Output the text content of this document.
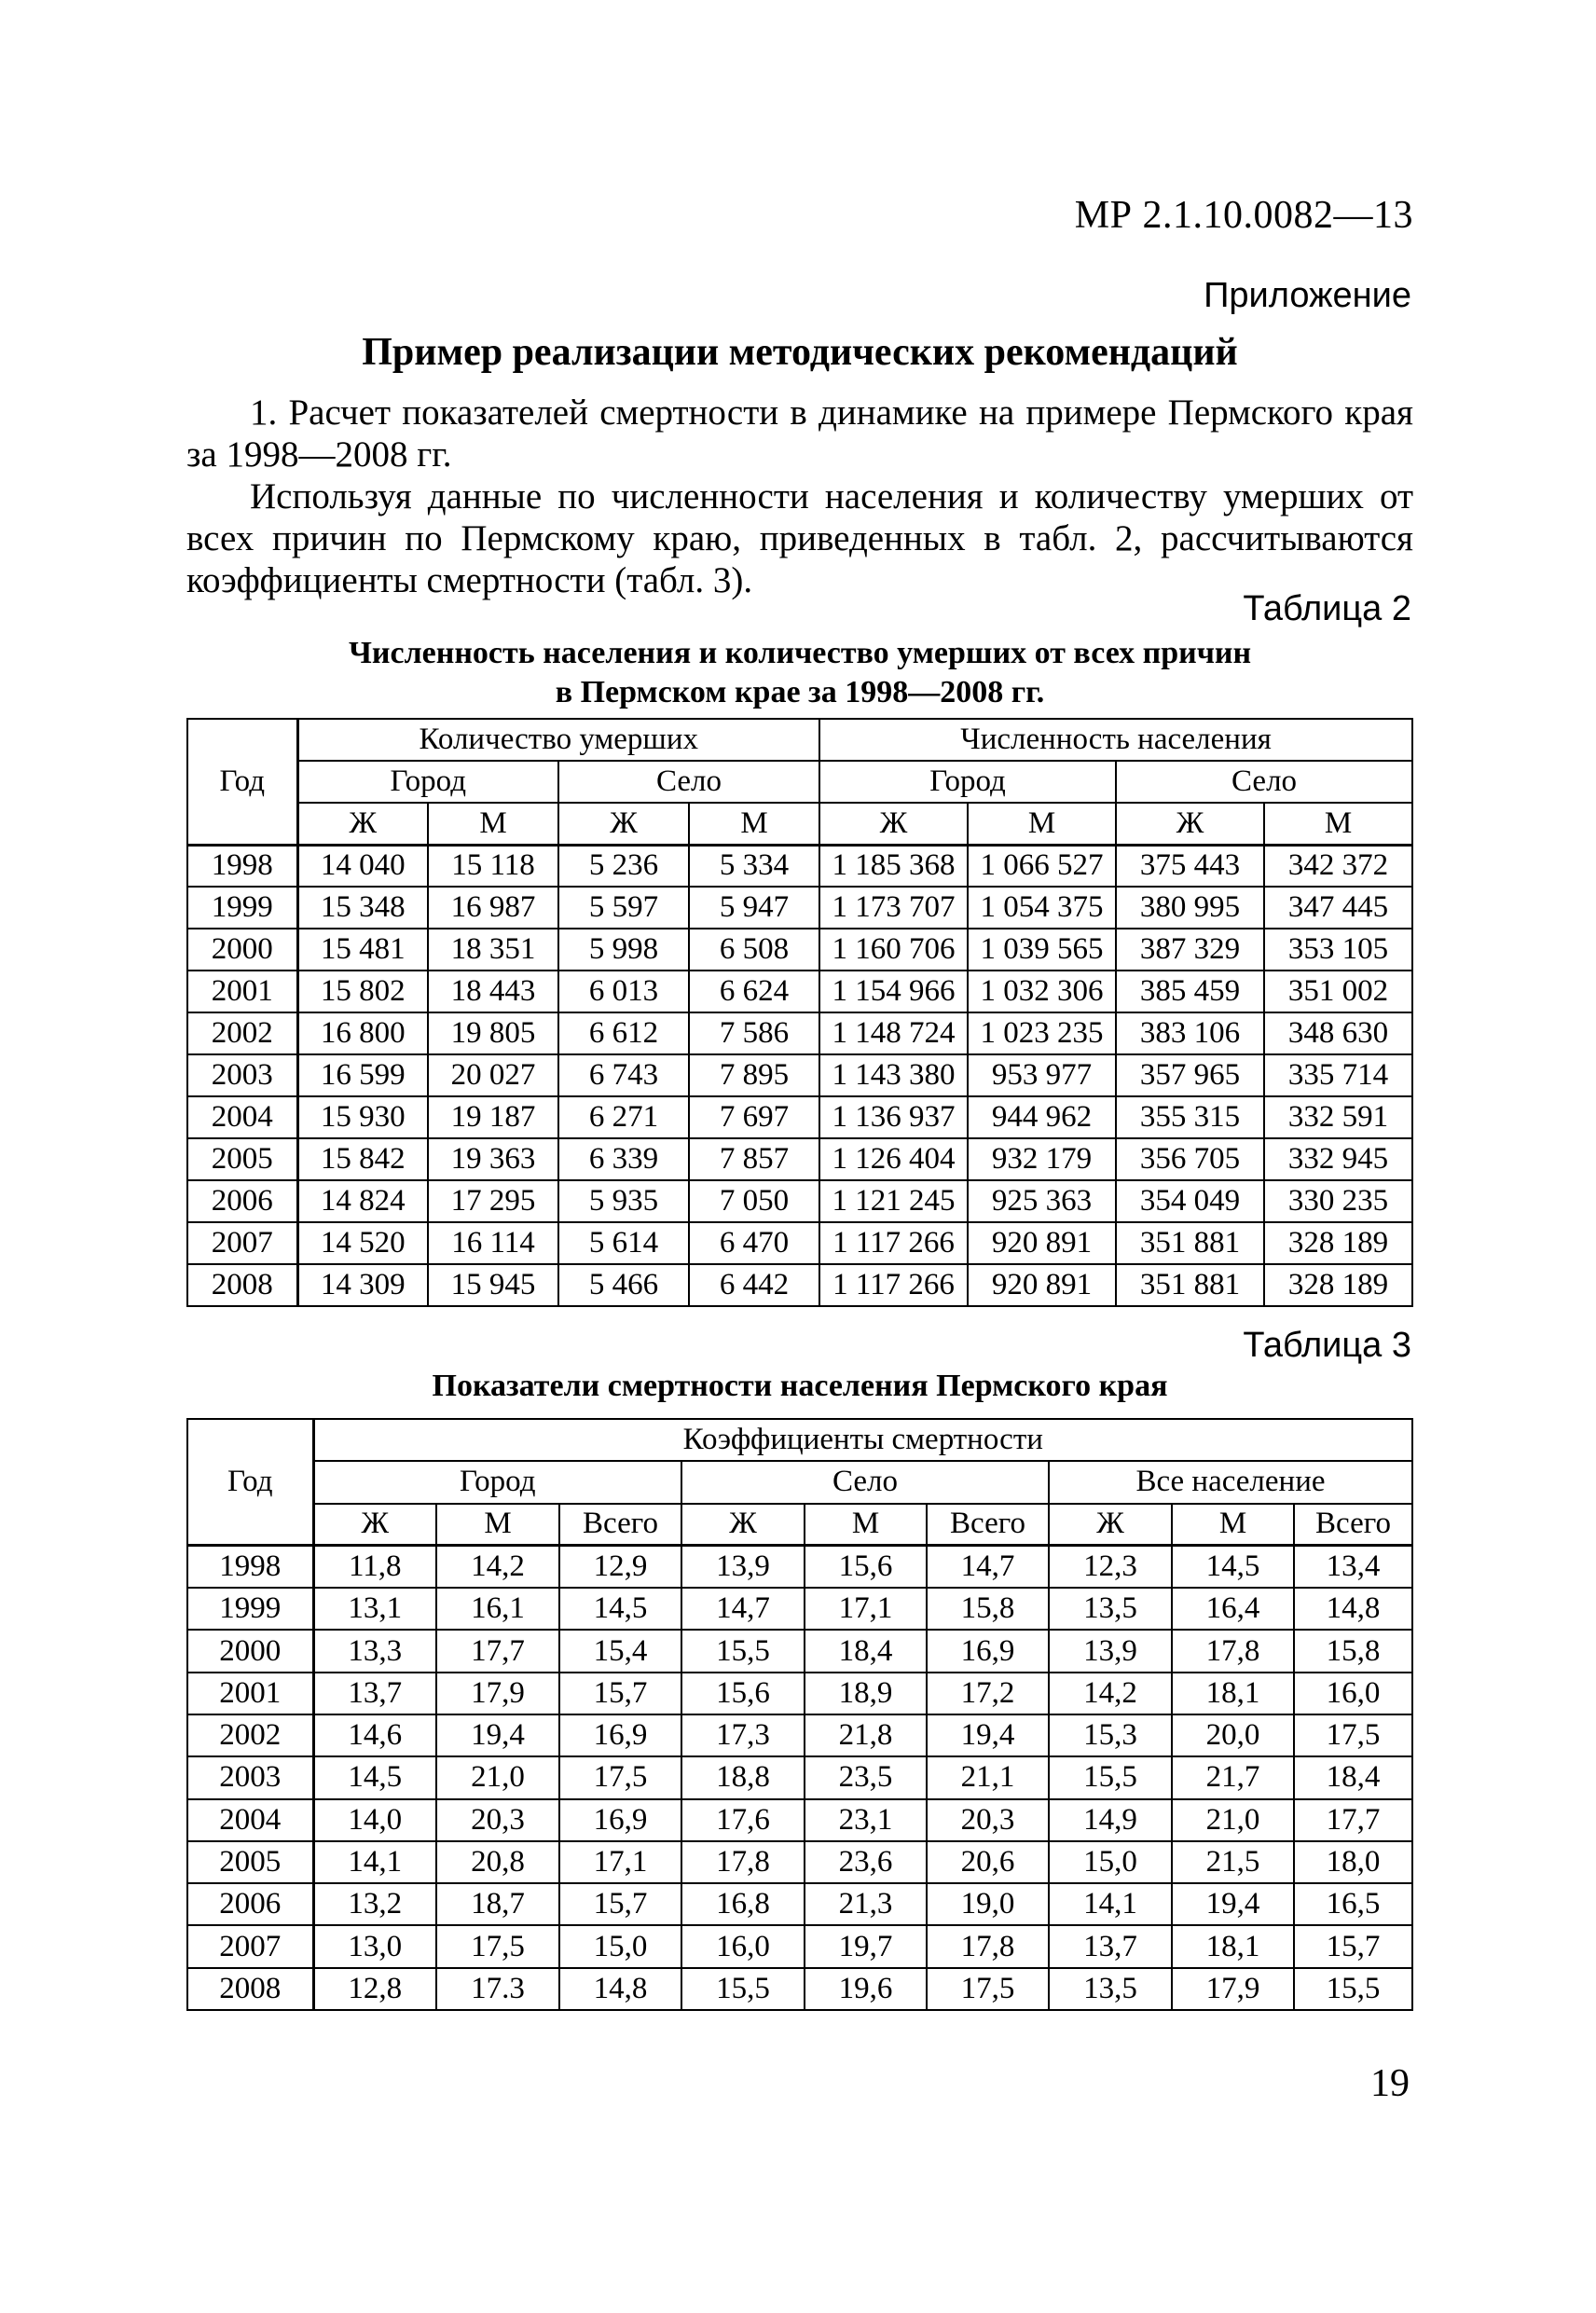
МР 2.1.10.0082—13
Приложение
Пример реализации методических рекомендаций

1. Расчет показателей смертности в динамике на примере Пермского края за 1998—2008 гг.

Используя данные по численности населения и количеству умерших от всех причин по Пермскому краю, приведенных в табл. 2, рассчитываются коэффициенты смертности (табл. 3).

Таблица 2
Численность населения и количество умерших от всех причин
в Пермском крае за 1998—2008 гг.
Год	Количество умерших				Численность населения			
	Город		Село		Город		Село	
	Ж	М	Ж	М	Ж	М	Ж	М
1998	14 040	15 118	5 236	5 334	1 185 368	1 066 527	375 443	342 372
1999	15 348	16 987	5 597	5 947	1 173 707	1 054 375	380 995	347 445
2000	15 481	18 351	5 998	6 508	1 160 706	1 039 565	387 329	353 105
2001	15 802	18 443	6 013	6 624	1 154 966	1 032 306	385 459	351 002
2002	16 800	19 805	6 612	7 586	1 148 724	1 023 235	383 106	348 630
2003	16 599	20 027	6 743	7 895	1 143 380	953 977	357 965	335 714
2004	15 930	19 187	6 271	7 697	1 136 937	944 962	355 315	332 591
2005	15 842	19 363	6 339	7 857	1 126 404	932 179	356 705	332 945
2006	14 824	17 295	5 935	7 050	1 121 245	925 363	354 049	330 235
2007	14 520	16 114	5 614	6 470	1 117 266	920 891	351 881	328 189
2008	14 309	15 945	5 466	6 442	1 117 266	920 891	351 881	328 189
Таблица 3
Показатели смертности населения Пермского края
Год	Коэффициенты смертности								
	Город			Село			Все население		
	Ж	М	Всего	Ж	М	Всего	Ж	М	Всего
1998	11,8	14,2	12,9	13,9	15,6	14,7	12,3	14,5	13,4
1999	13,1	16,1	14,5	14,7	17,1	15,8	13,5	16,4	14,8
2000	13,3	17,7	15,4	15,5	18,4	16,9	13,9	17,8	15,8
2001	13,7	17,9	15,7	15,6	18,9	17,2	14,2	18,1	16,0
2002	14,6	19,4	16,9	17,3	21,8	19,4	15,3	20,0	17,5
2003	14,5	21,0	17,5	18,8	23,5	21,1	15,5	21,7	18,4
2004	14,0	20,3	16,9	17,6	23,1	20,3	14,9	21,0	17,7
2005	14,1	20,8	17,1	17,8	23,6	20,6	15,0	21,5	18,0
2006	13,2	18,7	15,7	16,8	21,3	19,0	14,1	19,4	16,5
2007	13,0	17,5	15,0	16,0	19,7	17,8	13,7	18,1	15,7
2008	12,8	17.3	14,8	15,5	19,6	17,5	13,5	17,9	15,5
19
